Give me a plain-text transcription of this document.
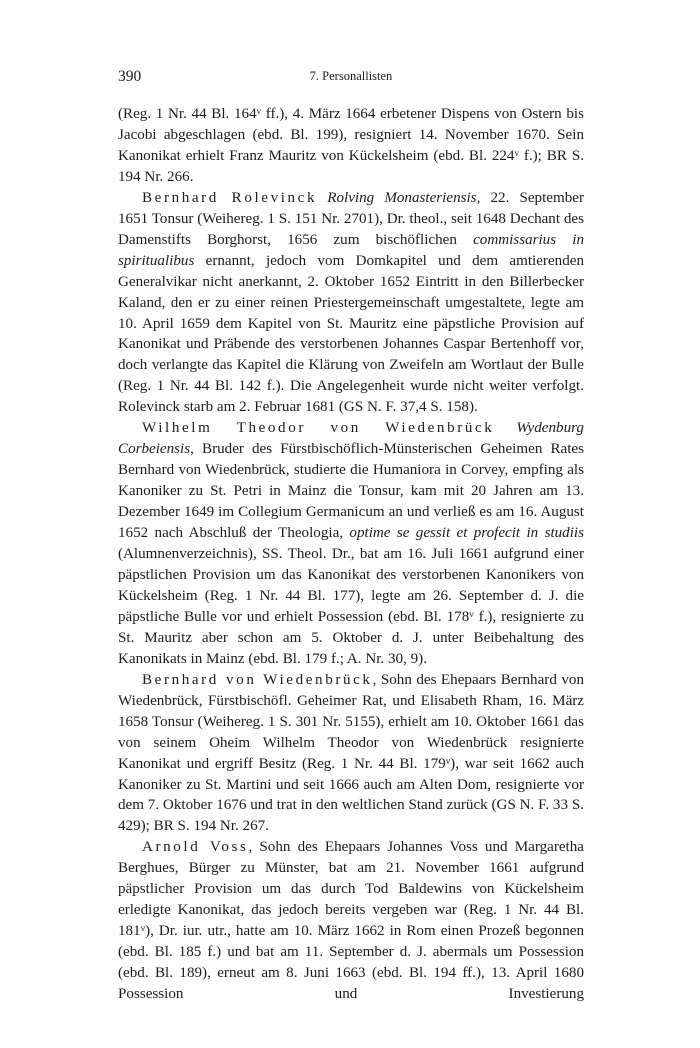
390	7. Personallisten

(Reg. 1 Nr. 44 Bl. 164ᵛ ff.), 4. März 1664 erbetener Dispens von Ostern bis Jacobi abgeschlagen (ebd. Bl. 199), resigniert 14. November 1670. Sein Kanonikat erhielt Franz Mauritz von Kückelsheim (ebd. Bl. 224ᵛ f.); BR S. 194 Nr. 266.

Bernhard Rolevinck Rolving Monasteriensis, 22. September 1651 Tonsur (Weihereg. 1 S. 151 Nr. 2701), Dr. theol., seit 1648 Dechant des Damenstifts Borghorst, 1656 zum bischöflichen commissarius in spiritualibus ernannt, jedoch vom Domkapitel und dem amtierenden Generalvikar nicht anerkannt, 2. Oktober 1652 Eintritt in den Billerbecker Kaland, den er zu einer reinen Priestergemeinschaft umgestaltete, legte am 10. April 1659 dem Kapitel von St. Mauritz eine päpstliche Provision auf Kanonikat und Präbende des verstorbenen Johannes Caspar Bertenhoff vor, doch verlangte das Kapitel die Klärung von Zweifeln am Wortlaut der Bulle (Reg. 1 Nr. 44 Bl. 142 f.). Die Angelegenheit wurde nicht weiter verfolgt. Rolevinck starb am 2. Februar 1681 (GS N. F. 37,4 S. 158).

Wilhelm Theodor von Wiedenbrück Wydenburg Corbeiensis, Bruder des Fürstbischöflich-Münsterischen Geheimen Rates Bernhard von Wiedenbrück, studierte die Humaniora in Corvey, empfing als Kanoniker zu St. Petri in Mainz die Tonsur, kam mit 20 Jahren am 13. Dezember 1649 im Collegium Germanicum an und verließ es am 16. August 1652 nach Abschluß der Theologia, optime se gessit et profecit in studiis (Alumnenverzeichnis), SS. Theol. Dr., bat am 16. Juli 1661 aufgrund einer päpstlichen Provision um das Kanonikat des verstorbenen Kanonikers von Kückelsheim (Reg. 1 Nr. 44 Bl. 177), legte am 26. September d. J. die päpstliche Bulle vor und erhielt Possession (ebd. Bl. 178ᵛ f.), resignierte zu St. Mauritz aber schon am 5. Oktober d. J. unter Beibehaltung des Kanonikats in Mainz (ebd. Bl. 179 f.; A. Nr. 30, 9).

Bernhard von Wiedenbrück, Sohn des Ehepaars Bernhard von Wiedenbrück, Fürstbischöfl. Geheimer Rat, und Elisabeth Rham, 16. März 1658 Tonsur (Weihereg. 1 S. 301 Nr. 5155), erhielt am 10. Oktober 1661 das von seinem Oheim Wilhelm Theodor von Wiedenbrück resignierte Kanonikat und ergriff Besitz (Reg. 1 Nr. 44 Bl. 179ᵛ), war seit 1662 auch Kanoniker zu St. Martini und seit 1666 auch am Alten Dom, resignierte vor dem 7. Oktober 1676 und trat in den weltlichen Stand zurück (GS N. F. 33 S. 429); BR S. 194 Nr. 267.

Arnold Voss, Sohn des Ehepaars Johannes Voss und Margaretha Berghues, Bürger zu Münster, bat am 21. November 1661 aufgrund päpstlicher Provision um das durch Tod Baldewins von Kückelsheim erledigte Kanonikat, das jedoch bereits vergeben war (Reg. 1 Nr. 44 Bl. 181ᵛ), Dr. iur. utr., hatte am 10. März 1662 in Rom einen Prozeß begonnen (ebd. Bl. 185 f.) und bat am 11. September d. J. abermals um Possession (ebd. Bl. 189), erneut am 8. Juni 1663 (ebd. Bl. 194 ff.), 13. April 1680 Possession und Investierung
